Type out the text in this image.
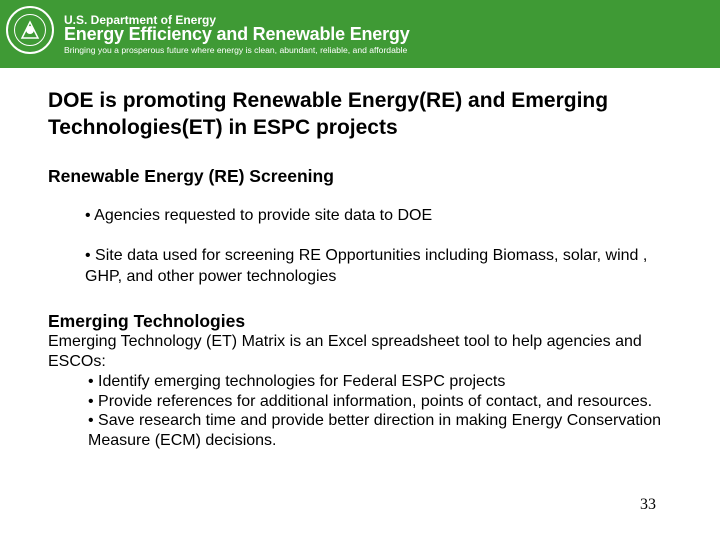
U.S. Department of Energy
Energy Efficiency and Renewable Energy
Bringing you a prosperous future where energy is clean, abundant, reliable, and affordable
DOE is promoting Renewable Energy(RE) and Emerging Technologies(ET) in ESPC projects
Renewable Energy (RE) Screening
• Agencies requested to provide site data to DOE
• Site data used for screening RE Opportunities including Biomass, solar, wind , GHP, and other power technologies
Emerging Technologies
Emerging Technology (ET) Matrix is an Excel spreadsheet tool to help agencies and ESCOs:
• Identify emerging technologies for Federal ESPC projects
• Provide references for additional information, points of contact, and resources.
• Save research time and provide better direction in making Energy Conservation Measure (ECM) decisions.
33
